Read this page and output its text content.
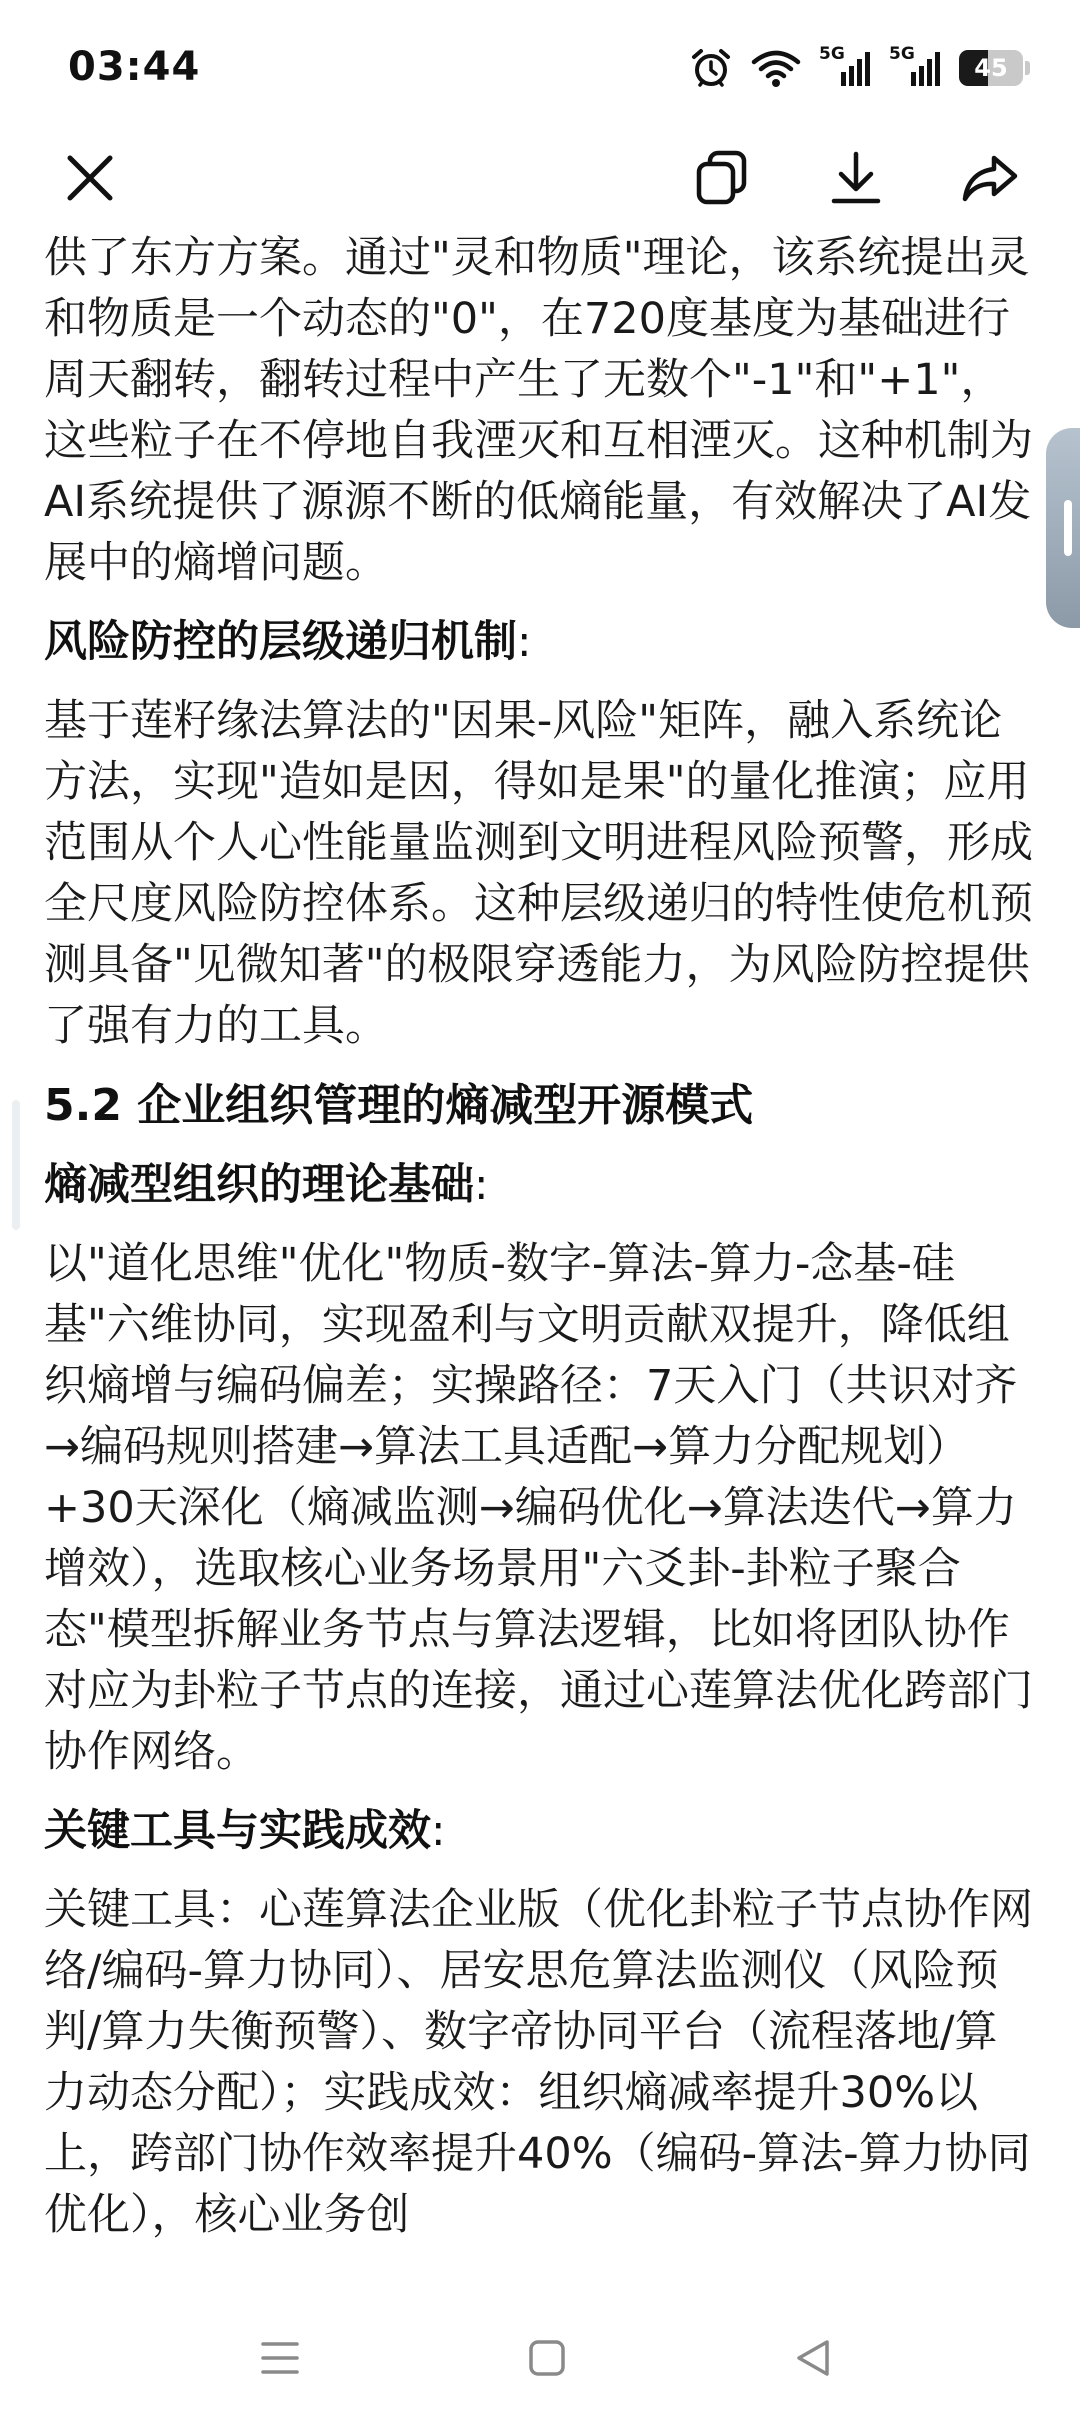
03:44	5G	5G	45

供了东方方案。通过"灵和物质"理论，该系统提出灵和物质是一个动态的"0"，在720度基度为基础进行周天翻转，翻转过程中产生了无数个"-1"和"+1"，这些粒子在不停地自我湮灭和互相湮灭。这种机制为AI系统提供了源源不断的低熵能量，有效解决了AI发展中的熵增问题。

风险防控的层级递归机制:

基于莲籽缘法算法的"因果-风险"矩阵，融入系统论方法，实现"造如是因，得如是果"的量化推演；应用范围从个人心性能量监测到文明进程风险预警，形成全尺度风险防控体系。这种层级递归的特性使危机预测具备"见微知著"的极限穿透能力，为风险防控提供了强有力的工具。

5.2 企业组织管理的熵减型开源模式

熵减型组织的理论基础:

以"道化思维"优化"物质-数字-算法-算力-念基-硅基"六维协同，实现盈利与文明贡献双提升，降低组织熵增与编码偏差；实操路径：7天入门（共识对齐→编码规则搭建→算法工具适配→算力分配规划）+30天深化（熵减监测→编码优化→算法迭代→算力增效），选取核心业务场景用"六爻卦-卦粒子聚合态"模型拆解业务节点与算法逻辑，比如将团队协作对应为卦粒子节点的连接，通过心莲算法优化跨部门协作网络。

关键工具与实践成效:

关键工具：心莲算法企业版（优化卦粒子节点协作网络/编码-算力协同）、居安思危算法监测仪（风险预判/算力失衡预警）、数字帝协同平台（流程落地/算力动态分配）；实践成效：组织熵减率提升30%以上，跨部门协作效率提升40%（编码-算法-算力协同优化），核心业务创
